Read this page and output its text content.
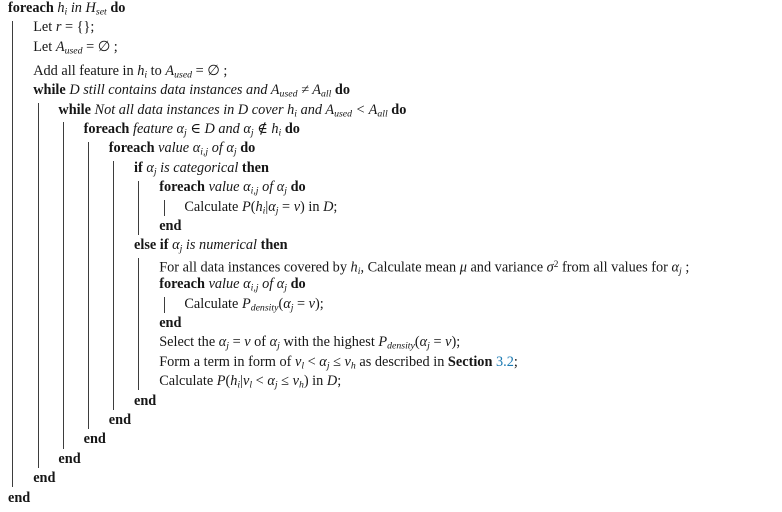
foreach hi in Hset do
Let r = {};
Let Aused = ∅ ;
Add all feature in hi to Aused = ∅ ;
while D still contains data instances and Aused ≠ Aall do
while Not all data instances in D cover hi and Aused < Aall do
foreach feature αj ∈ D and αj ∉ hi do
foreach value αi,j of αj do
if αj is categorical then
foreach value αi,j of αj do
Calculate P(hi|αj = v) in D;
end
else if αj is numerical then
For all data instances covered by hi, Calculate mean μ and variance $\sigma^2$ from all values for αj ;
foreach value αi,j of αj do
Calculate Pdensity(αj = v);
end
Select the αj = v of αj with the highest Pdensity(αj = v);
Form a term in form of vl < αj ≤ vh as described in Section 3.2;
Calculate P(hi|vl < αj ≤ vh) in D;
end
end
end
end
end
end
